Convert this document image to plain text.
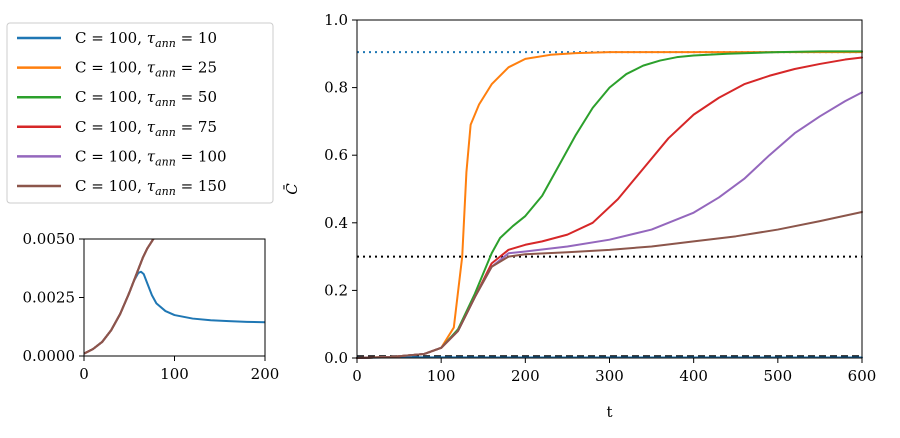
0	100	200	300	400	500	600
0.0
0.2
0.4
0.6
0.8
1.0
t
C̄
0	100	200
0.0000
0.0025
0.0050
C = 100, $\tau_{ann} = 10$
C = 100, $\tau_{ann} = 25$
C = 100, $\tau_{ann} = 50$
C = 100, $\tau_{ann} = 75$
C = 100, $\tau_{ann} = 100$
C = 100, $\tau_{ann} = 150$
